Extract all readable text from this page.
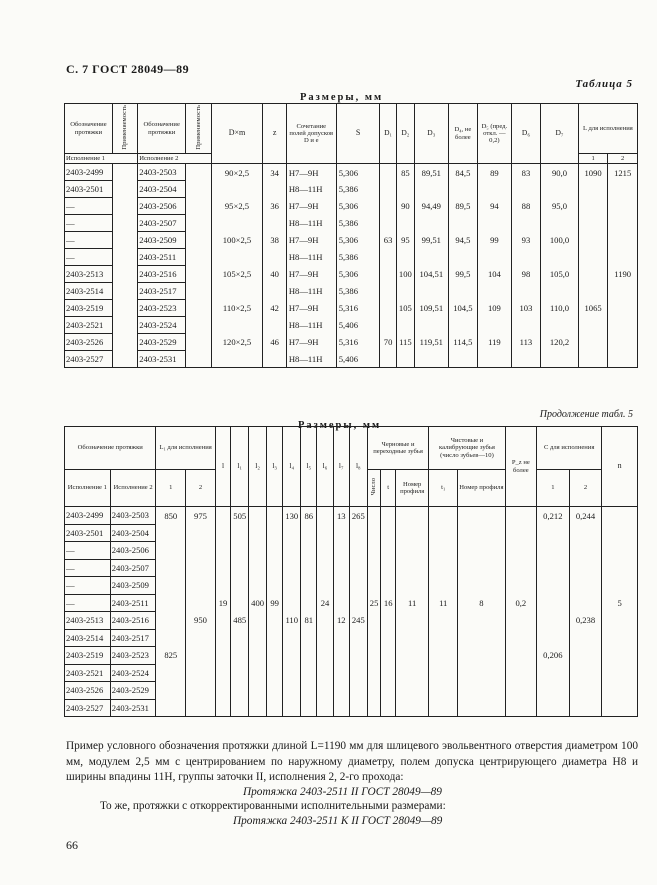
С. 7 ГОСТ 28049—89
Таблица 5
Размеры, мм
Обозначение протяжки	Применяемость	Обозначение протяжки	Применяемость	D×m	z	Сочетание полей допусков D и е	S	D₁	D₂	D₃	D₄, не более	D₅ (пред. откл. —0,2)	D₆	D₇	L для исполнения	
Исполнение 1		Исполнение 2													1	2
2403-2499		2403-2503		90×2,5	34	H7—9H	5,306		85	89,51	84,5	89	83	90,0	1090	1215
2403-2501		2403-2504				H8—11H	5,386									
—		2403-2506		95×2,5	36	H7—9H	5,306		90	94,49	89,5	94	88	95,0		
—		2403-2507				H8—11H	5,386									
—		2403-2509		100×2,5	38	H7—9H	5,306	63	95	99,51	94,5	99	93	100,0		
—		2403-2511				H8—11H	5,386									
2403-2513		2403-2516		105×2,5	40	H7—9H	5,306		100	104,51	99,5	104	98	105,0		1190
2403-2514		2403-2517				H8—11H	5,386									
2403-2519		2403-2523		110×2,5	42	H7—9H	5,316		105	109,51	104,5	109	103	110,0	1065	
2403-2521		2403-2524				H8—11H	5,406									
2403-2526		2403-2529		120×2,5	46	H7—9H	5,316	70	115	119,51	114,5	119	113	120,2		
2403-2527		2403-2531				H8—11H	5,406									
Продолжение табл. 5
Размеры, мм
Обозначение протяжки		L₁ для исполнения		l	l₁	l₂	l₃	l₄	l₅	l₆	l₇	l₈	Черновые и переходные зубья			Чистовые и калибрующие зубья (число зубьев—10)		P_z не более	C для исполнения		n
Исполнение 1	Исполнение 2	1	2										Число	t	Номер профиля	t₁	Номер профиля		1	2	
2403-2499	2403-2503	850	975		505			130	86		13	265							0,212	0,244	
2403-2501	2403-2504																				
—	2403-2506																				
—	2403-2507																				
—	2403-2509																				
—	2403-2511			19		400	99			24			25	16	11	11	8	0,2			5
2403-2513	2403-2516		950		485			110	81		12	245								0,238	
2403-2514	2403-2517																				
2403-2519	2403-2523	825																	0,206		
2403-2521	2403-2524																				
2403-2526	2403-2529																				
2403-2527	2403-2531																				
Пример условного обозначения протяжки длиной L=1190 мм для шлицевого эвольвентного отверстия диаметром 100 мм, модулем 2,5 мм с центрированием по наружному диаметру, полем допуска центрирующего диаметра H8 и ширины впадины 11H, группы заточки II, исполнения 2, 2-го прохода:
Протяжка 2403-2511 II ГОСТ 28049—89
То же, протяжки с откорректированными исполнительными размерами:
Протяжка 2403-2511 К II ГОСТ 28049—89
66
